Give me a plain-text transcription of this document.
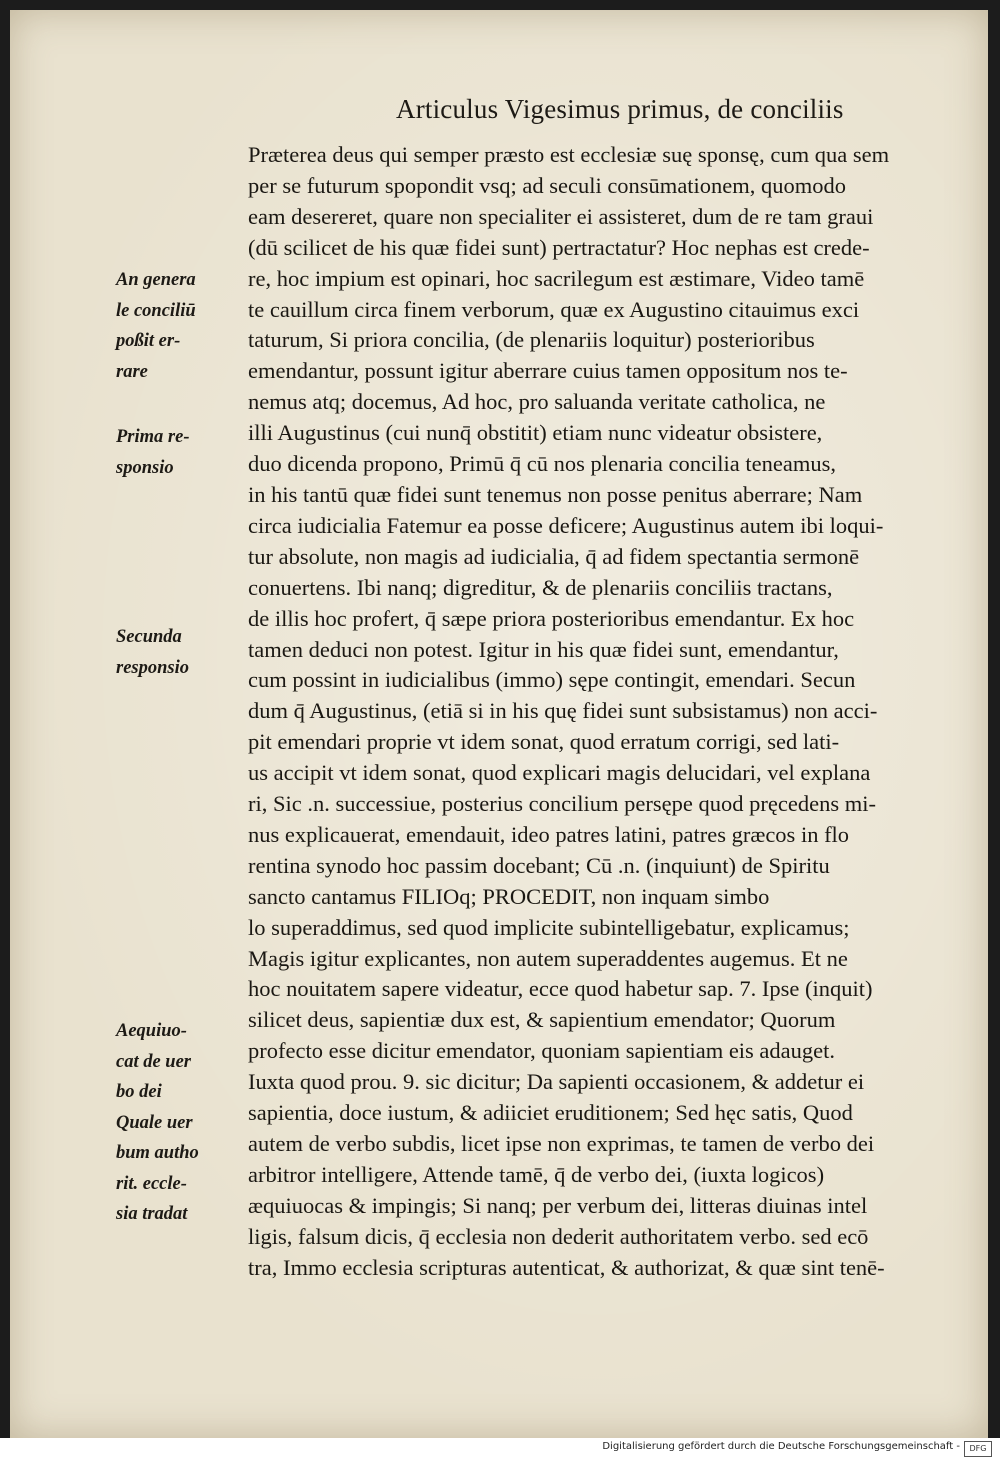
Articulus Vigesimus primus, de conciliis
Præterea deus qui semper præsto est ecclesiæ suę sponsę, cum qua sem
per se futurum spopondit vsq; ad seculi consūmationem, quomodo
eam desereret, quare non specialiter ei assisteret, dum de re tam graui
(dū scilicet de his quæ fidei sunt) pertractatur? Hoc nephas est crede-
re, hoc impium est opinari, hoc sacrilegum est æstimare, Video tamē
te cauillum circa finem verborum, quæ ex Augustino citauimus exci
taturum, Si priora concilia, (de plenariis loquitur) posterioribus
emendantur, possunt igitur aberrare cuius tamen oppositum nos te-
nemus atq; docemus, Ad hoc, pro saluanda veritate catholica, ne
illi Augustinus (cui nunq̄ obstitit) etiam nunc videatur obsistere,
duo dicenda propono, Primū q̄ cū nos plenaria concilia teneamus,
in his tantū quæ fidei sunt tenemus non posse penitus aberrare; Nam
circa iudicialia Fatemur ea posse deficere; Augustinus autem ibi loqui-
tur absolute, non magis ad iudicialia, q̄ ad fidem spectantia sermonē
conuertens. Ibi nanq; digreditur, & de plenariis conciliis tractans,
de illis hoc profert, q̄ sæpe priora posterioribus emendantur. Ex hoc
tamen deduci non potest. Igitur in his quæ fidei sunt, emendantur,
cum possint in iudicialibus (immo) sępe contingit, emendari. Secun
dum q̄ Augustinus, (etiā si in his quę fidei sunt subsistamus) non acci-
pit emendari proprie vt idem sonat, quod erratum corrigi, sed lati-
us accipit vt idem sonat, quod explicari magis delucidari, vel explana
ri, Sic .n. successiue, posterius concilium persępe quod pręcedens mi-
nus explicauerat, emendauit, ideo patres latini, patres græcos in flo
rentina synodo hoc passim docebant; Cū .n. (inquiunt) de Spiritu
sancto cantamus FILIOq; PROCEDIT, non inquam simbo
lo superaddimus, sed quod implicite subintelligebatur, explicamus;
Magis igitur explicantes, non autem superaddentes augemus. Et ne
hoc nouitatem sapere videatur, ecce quod habetur sap. 7. Ipse (inquit)
silicet deus, sapientiæ dux est, & sapientium emendator; Quorum
profecto esse dicitur emendator, quoniam sapientiam eis adauget.
Iuxta quod prou. 9. sic dicitur; Da sapienti occasionem, & addetur ei
sapientia, doce iustum, & adiiciet eruditionem; Sed hęc satis, Quod
autem de verbo subdis, licet ipse non exprimas, te tamen de verbo dei
arbitror intelligere, Attende tamē, q̄ de verbo dei, (iuxta logicos)
æquiuocas & impingis; Si nanq; per verbum dei, litteras diuinas intel
ligis, falsum dicis, q̄ ecclesia non dederit authoritatem verbo. sed ecō
tra, Immo ecclesia scripturas autenticat, & authorizat, & quæ sint tenē-
An genera
le conciliū
poßit er-
rare
Prima re-
sponsio
Secunda
responsio
Aequiuo-
cat de uer
bo dei
Quale uer
bum autho
rit. eccle-
sia tradat
Digitalisierung gefördert durch die Deutsche Forschungsgemeinschaft -	DFG
